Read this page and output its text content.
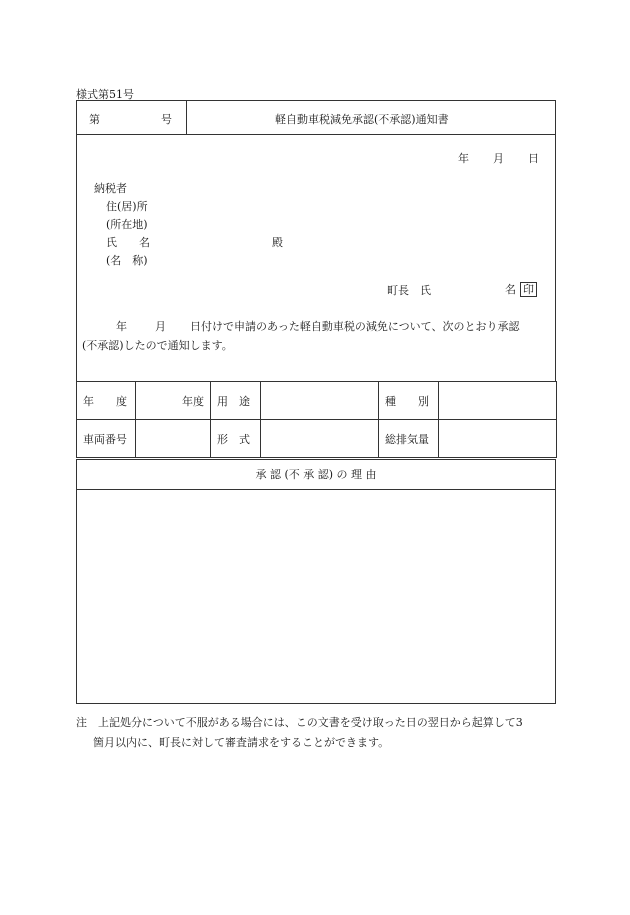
様式第51号
第	号	軽自動車税減免承認(不承認)通知書
年 月 日
納税者
住(居)所
(所在地)
氏　　名	殿
(名　称)
町長　氏	名 印
年	月 日付けで申請のあった軽自動車税の減免について、次のとおり承認
(不承認)したので通知します。
年　　度	年度	用　途		種　　別	
車両番号		形　式		総排気量	
承 認 (不 承 認) の 理 由
注　上記処分について不服がある場合には、この文書を受け取った日の翌日から起算して3
箇月以内に、町長に対して審査請求をすることができます。
